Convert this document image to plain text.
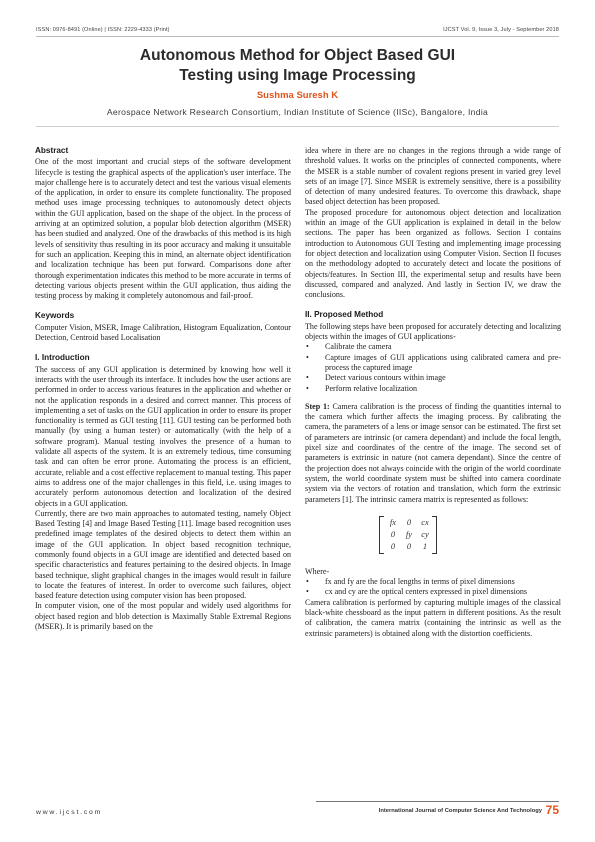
ISSN: 0976-8491 (Online) | ISSN: 2229-4333 (Print)	IJCST Vol. 9, Issue 3, July - September 2018
Autonomous Method for Object Based GUI
Testing using Image Processing
Sushma Suresh K
Aerospace Network Research Consortium, Indian Institute of Science (IISc), Bangalore, India
Abstract

One of the most important and crucial steps of the software development lifecycle is testing the graphical aspects of the application's user interface. The major challenge here is to accurately detect and test the various visual elements of the application, in order to ensure its complete functionality. The proposed method uses image processing techniques to autonomously detect objects within the GUI application, based on the shape of the object. In the process of arriving at an optimized solution, a popular blob detection algorithm (MSER) has been studied and analyzed. One of the drawbacks of this method is its high levels of sensitivity thus resulting in its poor accuracy and making it unsuitable for such an application. Keeping this in mind, an alternate object identification and localization technique has been put forward. Comparisons done after thorough experimentation indicates this method to be more accurate in terms of detecting various objects present within the GUI application, thus aiding the testing process by making it completely autonomous and fail-proof.

Keywords

Computer Vision, MSER, Image Calibration, Histogram Equalization, Contour Detection, Centroid based Localisation

I. Introduction

The success of any GUI application is determined by knowing how well it interacts with the user through its interface. It includes how the user actions are performed in order to access various features in the application and whether or not the application responds in a desired and correct manner. This process of implementing a set of tasks on the GUI application in order to ensure its proper functionality is termed as GUI testing [11]. GUI testing can be performed both manually (by using a human tester) or automatically (with the help of a software program). Manual testing involves the presence of a human to validate all aspects of the system. It is an extremely tedious, time consuming task and can often be error prone. Automating the process is an efficient, accurate, reliable and a cost effective replacement to manual testing. This paper aims to address one of the major challenges in this field, i.e. using images to accurately perform autonomous detection and localization of the desired objects in a GUI application.

Currently, there are two main approaches to automated testing, namely Object Based Testing [4] and Image Based Testing [11]. Image based recognition uses predefined image templates of the desired objects to detect them within an image of the GUI application. In object based recognition technique, commonly found objects in a GUI image are identified and detected based on specific characteristics and features pertaining to the desired objects. In Image based technique, slight graphical changes in the images would result in failure to locate the features of interest. In order to overcome such failures, object based feature detection using computer vision has been proposed.

In computer vision, one of the most popular and widely used algorithms for object based region and blob detection is Maximally Stable Extremal Regions (MSER). It is primarily based on the

idea where in there are no changes in the regions through a wide range of threshold values. It works on the principles of connected components, where the MSER is a stable number of covalent regions present in varied grey level sets of an image [7]. Since MSER is extremely sensitive, there is a possibility of detection of many undesired features. To overcome this drawback, shape based object detection has been proposed.

The proposed procedure for autonomous object detection and localization within an image of the GUI application is explained in detail in the below sections. The paper has been organized as follows. Section I contains introduction to Autonomous GUI Testing and implementing image processing for object detection and localization using Computer Vision. Section II focuses on the methodology adopted to accurately detect and locate the positions of objects/features. In Section III, the experimental setup and results have been discussed, compared and analyzed. And lastly in Section IV, we draw the conclusions.

II. Proposed Method

The following steps have been proposed for accurately detecting and localizing objects within the images of GUI applications-

• Calibrate the camera
• Capture images of GUI applications using calibrated camera and pre-process the captured image
• Detect various contours within image
• Perform relative localization

Step 1: Camera calibration is the process of finding the quantities internal to the camera which further affects the imaging process. By calibrating the camera, the parameters of a lens or image sensor can be estimated. The first set of parameters are intrinsic (or camera dependant) and include the focal length, pixel size and coordinates of the centre of the image. The second set of parameters is extrinsic in nature (not camera dependant). Since the centre of the projection does not always coincide with the origin of the world coordinate system, the world coordinate system must be shifted into camera coordinate system via the vectors of rotation and translation, which form the extrinsic parameters [1]. The intrinsic camera matrix is represented as follows:

fx	0	cx
0	fy	cy
0	0	1

Where-

• fx and fy are the focal lengths in terms of pixel dimensions
• cx and cy are the optical centers expressed in pixel dimensions

Camera calibration is performed by capturing multiple images of the classical black-white chessboard as the input pattern in different positions. As the result of calibration, the camera matrix (containing the intrinsic as well as the extrinsic parameters) is obtained along with the distortion coefficients.

www.ijcst.com	International Journal of Computer Science And Technology 75
